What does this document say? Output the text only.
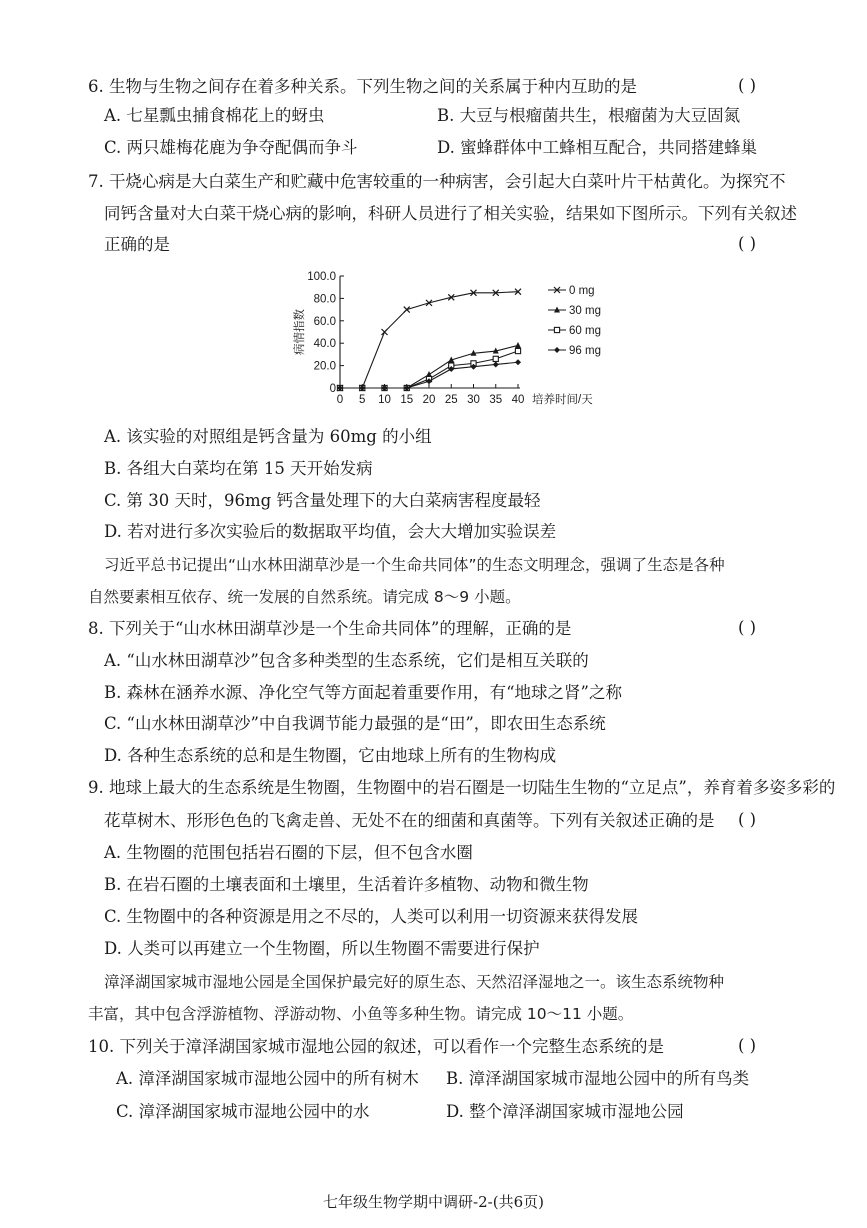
6. 生物与生物之间存在着多种关系。下列生物之间的关系属于种内互助的是	( )
A. 七星瓢虫捕食棉花上的蚜虫	B. 大豆与根瘤菌共生，根瘤菌为大豆固氮
C. 两只雄梅花鹿为争夺配偶而争斗	D. 蜜蜂群体中工蜂相互配合，共同搭建蜂巢
7. 干烧心病是大白菜生产和贮藏中危害较重的一种病害，会引起大白菜叶片干枯黄化。为探究不
同钙含量对大白菜干烧心病的影响，科研人员进行了相关实验，结果如下图所示。下列有关叙述
正确的是	( )
100.0
80.0
60.0
40.0
20.0
0
0 5 10 15 20 25 30 35 40
病情指数
培养时间/天
0 mg
30 mg
60 mg
96 mg
A. 该实验的对照组是钙含量为 60mg 的小组
B. 各组大白菜均在第 15 天开始发病
C. 第 30 天时，96mg 钙含量处理下的大白菜病害程度最轻
D. 若对进行多次实验后的数据取平均值，会大大增加实验误差
习近平总书记提出“山水林田湖草沙是一个生命共同体”的生态文明理念，强调了生态是各种
自然要素相互依存、统一发展的自然系统。请完成 8～9 小题。
8. 下列关于“山水林田湖草沙是一个生命共同体”的理解，正确的是	( )
A. “山水林田湖草沙”包含多种类型的生态系统，它们是相互关联的
B. 森林在涵养水源、净化空气等方面起着重要作用，有“地球之肾”之称
C. “山水林田湖草沙”中自我调节能力最强的是“田”，即农田生态系统
D. 各种生态系统的总和是生物圈，它由地球上所有的生物构成
9. 地球上最大的生态系统是生物圈，生物圈中的岩石圈是一切陆生生物的“立足点”，养育着多姿多彩的
花草树木、形形色色的飞禽走兽、无处不在的细菌和真菌等。下列有关叙述正确的是 ( )
A. 生物圈的范围包括岩石圈的下层，但不包含水圈
B. 在岩石圈的土壤表面和土壤里，生活着许多植物、动物和微生物
C. 生物圈中的各种资源是用之不尽的，人类可以利用一切资源来获得发展
D. 人类可以再建立一个生物圈，所以生物圈不需要进行保护
漳泽湖国家城市湿地公园是全国保护最完好的原生态、天然沼泽湿地之一。该生态系统物种
丰富，其中包含浮游植物、浮游动物、小鱼等多种生物。请完成 10～11 小题。
10. 下列关于漳泽湖国家城市湿地公园的叙述，可以看作一个完整生态系统的是	( )
A. 漳泽湖国家城市湿地公园中的所有树木 B. 漳泽湖国家城市湿地公园中的所有鸟类
C. 漳泽湖国家城市湿地公园中的水	D. 整个漳泽湖国家城市湿地公园
七年级生物学期中调研-2-(共6页)
